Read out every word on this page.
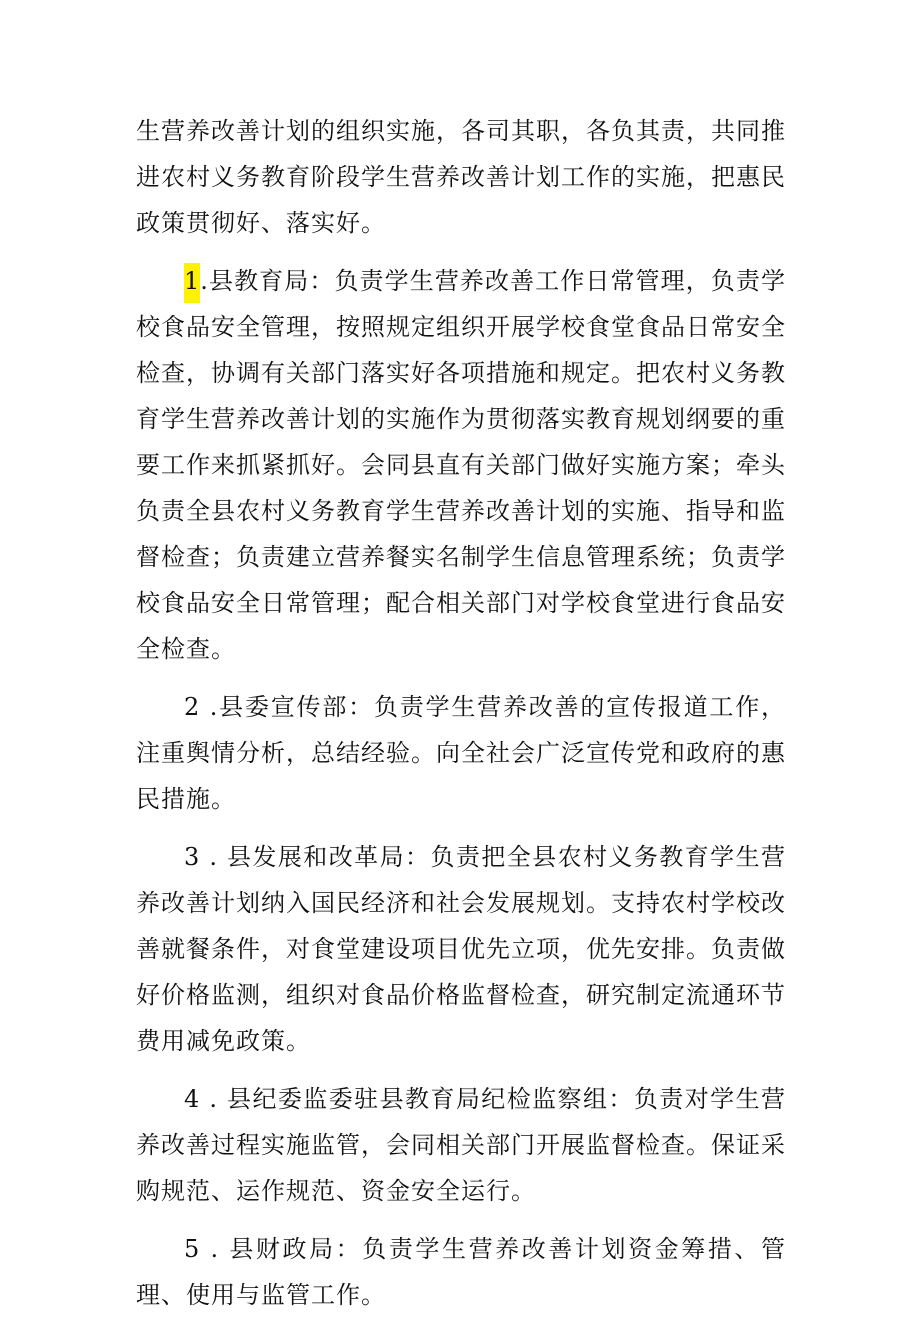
生营养改善计划的组织实施，各司其职，各负其责，共同推进农村义务教育阶段学生营养改善计划工作的实施，把惠民政策贯彻好、落实好。

1.县教育局：负责学生营养改善工作日常管理，负责学校食品安全管理，按照规定组织开展学校食堂食品日常安全检查，协调有关部门落实好各项措施和规定。把农村义务教育学生营养改善计划的实施作为贯彻落实教育规划纲要的重要工作来抓紧抓好。会同县直有关部门做好实施方案；牵头负责全县农村义务教育学生营养改善计划的实施、指导和监督检查；负责建立营养餐实名制学生信息管理系统；负责学校食品安全日常管理；配合相关部门对学校食堂进行食品安全检查。

2 .县委宣传部：负责学生营养改善的宣传报道工作，注重舆情分析，总结经验。向全社会广泛宣传党和政府的惠民措施。

3 . 县发展和改革局：负责把全县农村义务教育学生营养改善计划纳入国民经济和社会发展规划。支持农村学校改善就餐条件，对食堂建设项目优先立项，优先安排。负责做好价格监测，组织对食品价格监督检查，研究制定流通环节费用减免政策。

4 . 县纪委监委驻县教育局纪检监察组：负责对学生营养改善过程实施监管，会同相关部门开展监督检查。保证采购规范、运作规范、资金安全运行。

5 . 县财政局：负责学生营养改善计划资金筹措、管理、使用与监管工作。
